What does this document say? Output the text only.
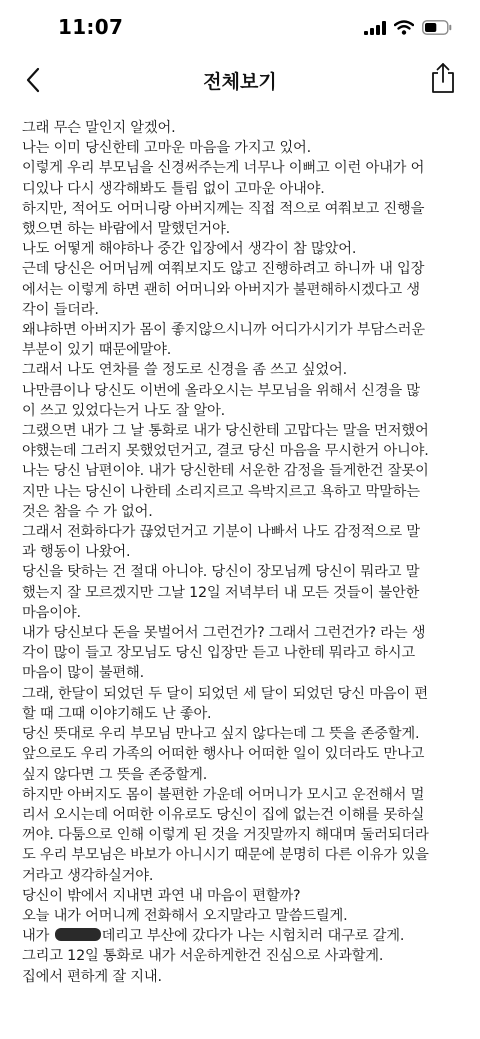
11:07
전체보기
그래 무슨 말인지 알겠어.
나는 이미 당신한테 고마운 마음을 가지고 있어.
이렇게 우리 부모님을 신경써주는게 너무나 이뻐고 이런 아내가 어
디있나 다시 생각해봐도 틀림 없이 고마운 아내야.
하지만, 적어도 어머니랑 아버지께는 직접 적으로 여쭤보고 진행을
했으면 하는 바람에서 말했던거야.
나도 어떻게 해야하나 중간 입장에서 생각이 참 많았어.
근데 당신은 어머님께 여쭤보지도 않고 진행하려고 하니까 내 입장
에서는 이렇게 하면 괜히 어머니와 아버지가 불편해하시겠다고 생
각이 들더라.
왜냐하면 아버지가 몸이 좋지않으시니까 어디가시기가 부담스러운
부분이 있기 때문에말야.
그래서 나도 연차를 쓸 정도로 신경을 좀 쓰고 싶었어.
나만큼이나 당신도 이번에 올라오시는 부모님을 위해서 신경을 많
이 쓰고 있었다는거 나도 잘 알아.
그랬으면 내가 그 날 통화로 내가 당신한테 고맙다는 말을 먼저했어
야했는데 그러지 못했었던거고, 결코 당신 마음을 무시한거 아니야.
나는 당신 남편이야. 내가 당신한테 서운한 감정을 들게한건 잘못이
지만 나는 당신이 나한테 소리지르고 윽박지르고 욕하고 막말하는
것은 참을 수 가 없어.
그래서 전화하다가 끊었던거고 기분이 나빠서 나도 감정적으로 말
과 행동이 나왔어.
당신을 탓하는 건 절대 아니야. 당신이 장모님께 당신이 뭐라고 말
했는지 잘 모르겠지만 그날 12일 저녁부터 내 모든 것들이 불안한
마음이야.
내가 당신보다 돈을 못벌어서 그런건가? 그래서 그런건가? 라는 생
각이 많이 들고 장모님도 당신 입장만 듣고 나한테 뭐라고 하시고
마음이 많이 불편해.
그래, 한달이 되었던 두 달이 되었던 세 달이 되었던 당신 마음이 편
할 때 그때 이야기해도 난 좋아.
당신 뜻대로 우리 부모님 만나고 싶지 않다는데 그 뜻을 존중할게.
앞으로도 우리 가족의 어떠한 행사나 어떠한 일이 있더라도 만나고
싶지 않다면 그 뜻을 존중할게.
하지만 아버지도 몸이 불편한 가운데 어머니가 모시고 운전해서 멀
리서 오시는데 어떠한 이유로도 당신이 집에 없는건 이해를 못하실
꺼야. 다툼으로 인해 이렇게 된 것을 거짓말까지 해대며 둘러되더라
도 우리 부모님은 바보가 아니시기 때문에 분명히 다른 이유가 있을
거라고 생각하실거야.
당신이 밖에서 지내면 과연 내 마음이 편할까?
오늘 내가 어머니께 전화해서 오지말라고 말씀드릴게.
내가	데리고 부산에 갔다가 나는 시험치러 대구로 갈게.
그리고 12일 통화로 내가 서운하게한건 진심으로 사과할게.
집에서 편하게 잘 지내.
